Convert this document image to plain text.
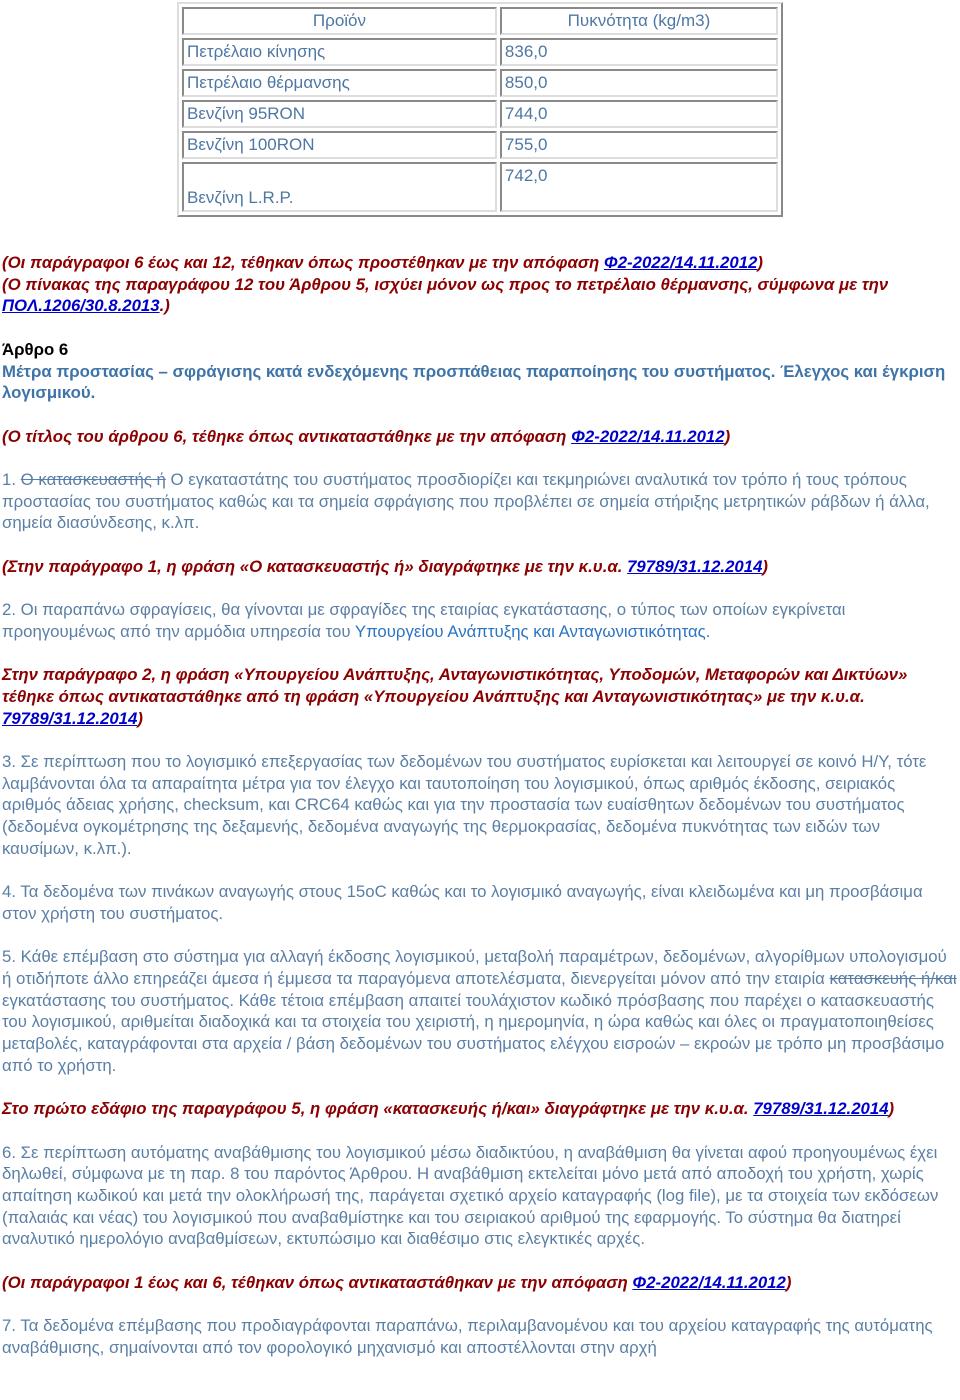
Προϊόν	Πυκνότητα (kg/m3)
Πετρέλαιο κίνησης	836,0
Πετρέλαιο θέρμανσης	850,0
Βενζίνη 95RON	744,0
Βενζίνη 100RON	755,0
Βενζίνη L.R.P.	742,0

(Οι παράγραφοι 6 έως και 12, τέθηκαν όπως προστέθηκαν με την απόφαση Φ2-2022/14.11.2012)
(Ο πίνακας της παραγράφου 12 του Άρθρου 5, ισχύει μόνον ως προς το πετρέλαιο θέρμανσης, σύμφωνα με την ΠΟΛ.1206/30.8.2013.)

Άρθρο 6
Μέτρα προστασίας – σφράγισης κατά ενδεχόμενης προσπάθειας παραποίησης του συστήματος. Έλεγχος και έγκριση λογισμικού.

(Ο τίτλος του άρθρου 6, τέθηκε όπως αντικαταστάθηκε με την απόφαση Φ2-2022/14.11.2012)

1. Ο κατασκευαστής ή Ο εγκαταστάτης του συστήματος προσδιορίζει και τεκμηριώνει αναλυτικά τον τρόπο ή τους τρόπους προστασίας του συστήματος καθώς και τα σημεία σφράγισης που προβλέπει σε σημεία στήριξης μετρητικών ράβδων ή άλλα, σημεία διασύνδεσης, κ.λπ.

(Στην παράγραφο 1, η φράση «Ο κατασκευαστής ή» διαγράφτηκε με την κ.υ.α. 79789/31.12.2014)

2. Οι παραπάνω σφραγίσεις, θα γίνονται με σφραγίδες της εταιρίας εγκατάστασης, ο τύπος των οποίων εγκρίνεται προηγουμένως από την αρμόδια υπηρεσία του Υπουργείου Ανάπτυξης και Ανταγωνιστικότητας.

Στην παράγραφο 2, η φράση «Υπουργείου Ανάπτυξης, Ανταγωνιστικότητας, Υποδομών, Μεταφορών και Δικτύων» τέθηκε όπως αντικαταστάθηκε από τη φράση «Υπουργείου Ανάπτυξης και Ανταγωνιστικότητας» με την κ.υ.α. 79789/31.12.2014)

3. Σε περίπτωση που το λογισμικό επεξεργασίας των δεδομένων του συστήματος ευρίσκεται και λειτουργεί σε κοινό Η/Υ, τότε λαμβάνονται όλα τα απαραίτητα μέτρα για τον έλεγχο και ταυτοποίηση του λογισμικού, όπως αριθμός έκδοσης, σειριακός αριθμός άδειας χρήσης, checksum, και CRC64 καθώς και για την προστασία των ευαίσθητων δεδομένων του συστήματος (δεδομένα ογκομέτρησης της δεξαμενής, δεδομένα αναγωγής της θερμοκρασίας, δεδομένα πυκνότητας των ειδών των καυσίμων, κ.λπ.).

4. Τα δεδομένα των πινάκων αναγωγής στους 15oC καθώς και το λογισμικό αναγωγής, είναι κλειδωμένα και μη προσβάσιμα στον χρήστη του συστήματος.

5. Κάθε επέμβαση στο σύστημα για αλλαγή έκδοσης λογισμικού, μεταβολή παραμέτρων, δεδομένων, αλγορίθμων υπολογισμού ή οτιδήποτε άλλο επηρεάζει άμεσα ή έμμεσα τα παραγόμενα αποτελέσματα, διενεργείται μόνον από την εταιρία κατασκευής ή/και εγκατάστασης του συστήματος. Κάθε τέτοια επέμβαση απαιτεί τουλάχιστον κωδικό πρόσβασης που παρέχει ο κατασκευαστής του λογισμικού, αριθμείται διαδοχικά και τα στοιχεία του χειριστή, η ημερομηνία, η ώρα καθώς και όλες οι πραγματοποιηθείσες μεταβολές, καταγράφονται στα αρχεία / βάση δεδομένων του συστήματος ελέγχου εισροών – εκροών με τρόπο μη προσβάσιμο από το χρήστη.

Στο πρώτο εδάφιο της παραγράφου 5, η φράση «κατασκευής ή/και» διαγράφτηκε με την κ.υ.α. 79789/31.12.2014)

6. Σε περίπτωση αυτόματης αναβάθμισης του λογισμικού μέσω διαδικτύου, η αναβάθμιση θα γίνεται αφού προηγουμένως έχει δηλωθεί, σύμφωνα με τη παρ. 8 του παρόντος Άρθρου. Η αναβάθμιση εκτελείται μόνο μετά από αποδοχή του χρήστη, χωρίς απαίτηση κωδικού και μετά την ολοκλήρωσή της, παράγεται σχετικό αρχείο καταγραφής (log file), με τα στοιχεία των εκδόσεων (παλαιάς και νέας) του λογισμικού που αναβαθμίστηκε και του σειριακού αριθμού της εφαρμογής. Το σύστημα θα διατηρεί αναλυτικό ημερολόγιο αναβαθμίσεων, εκτυπώσιμο και διαθέσιμο στις ελεγκτικές αρχές.

(Οι παράγραφοι 1 έως και 6, τέθηκαν όπως αντικαταστάθηκαν με την απόφαση Φ2-2022/14.11.2012)

7. Τα δεδομένα επέμβασης που προδιαγράφονται παραπάνω, περιλαμβανομένου και του αρχείου καταγραφής της αυτόματης αναβάθμισης, σημαίνονται από τον φορολογικό μηχανισμό και αποστέλλονται στην αρχή
